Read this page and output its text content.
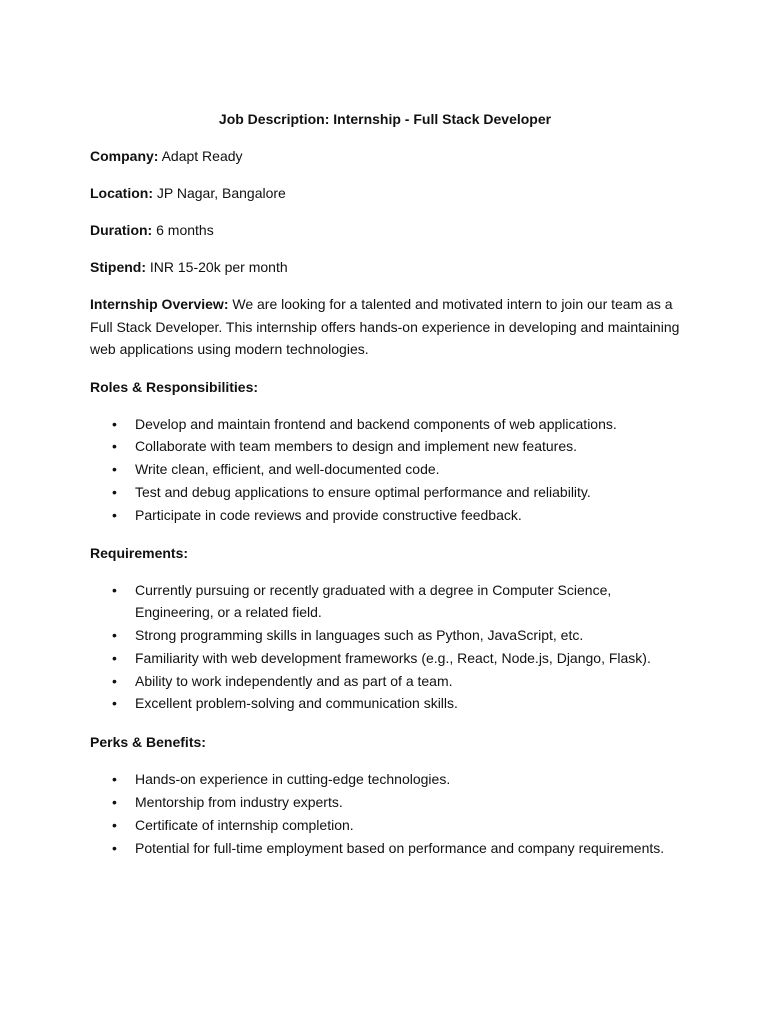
Job Description: Internship - Full Stack Developer
Company: Adapt Ready
Location: JP Nagar, Bangalore
Duration: 6 months
Stipend: INR 15-20k per month
Internship Overview: We are looking for a talented and motivated intern to join our team as a Full Stack Developer. This internship offers hands-on experience in developing and maintaining web applications using modern technologies.
Roles & Responsibilities:
• Develop and maintain frontend and backend components of web applications.
• Collaborate with team members to design and implement new features.
• Write clean, efficient, and well-documented code.
• Test and debug applications to ensure optimal performance and reliability.
• Participate in code reviews and provide constructive feedback.
Requirements:
• Currently pursuing or recently graduated with a degree in Computer Science, Engineering, or a related field.
• Strong programming skills in languages such as Python, JavaScript, etc.
• Familiarity with web development frameworks (e.g., React, Node.js, Django, Flask).
• Ability to work independently and as part of a team.
• Excellent problem-solving and communication skills.
Perks & Benefits:
• Hands-on experience in cutting-edge technologies.
• Mentorship from industry experts.
• Certificate of internship completion.
• Potential for full-time employment based on performance and company requirements.
